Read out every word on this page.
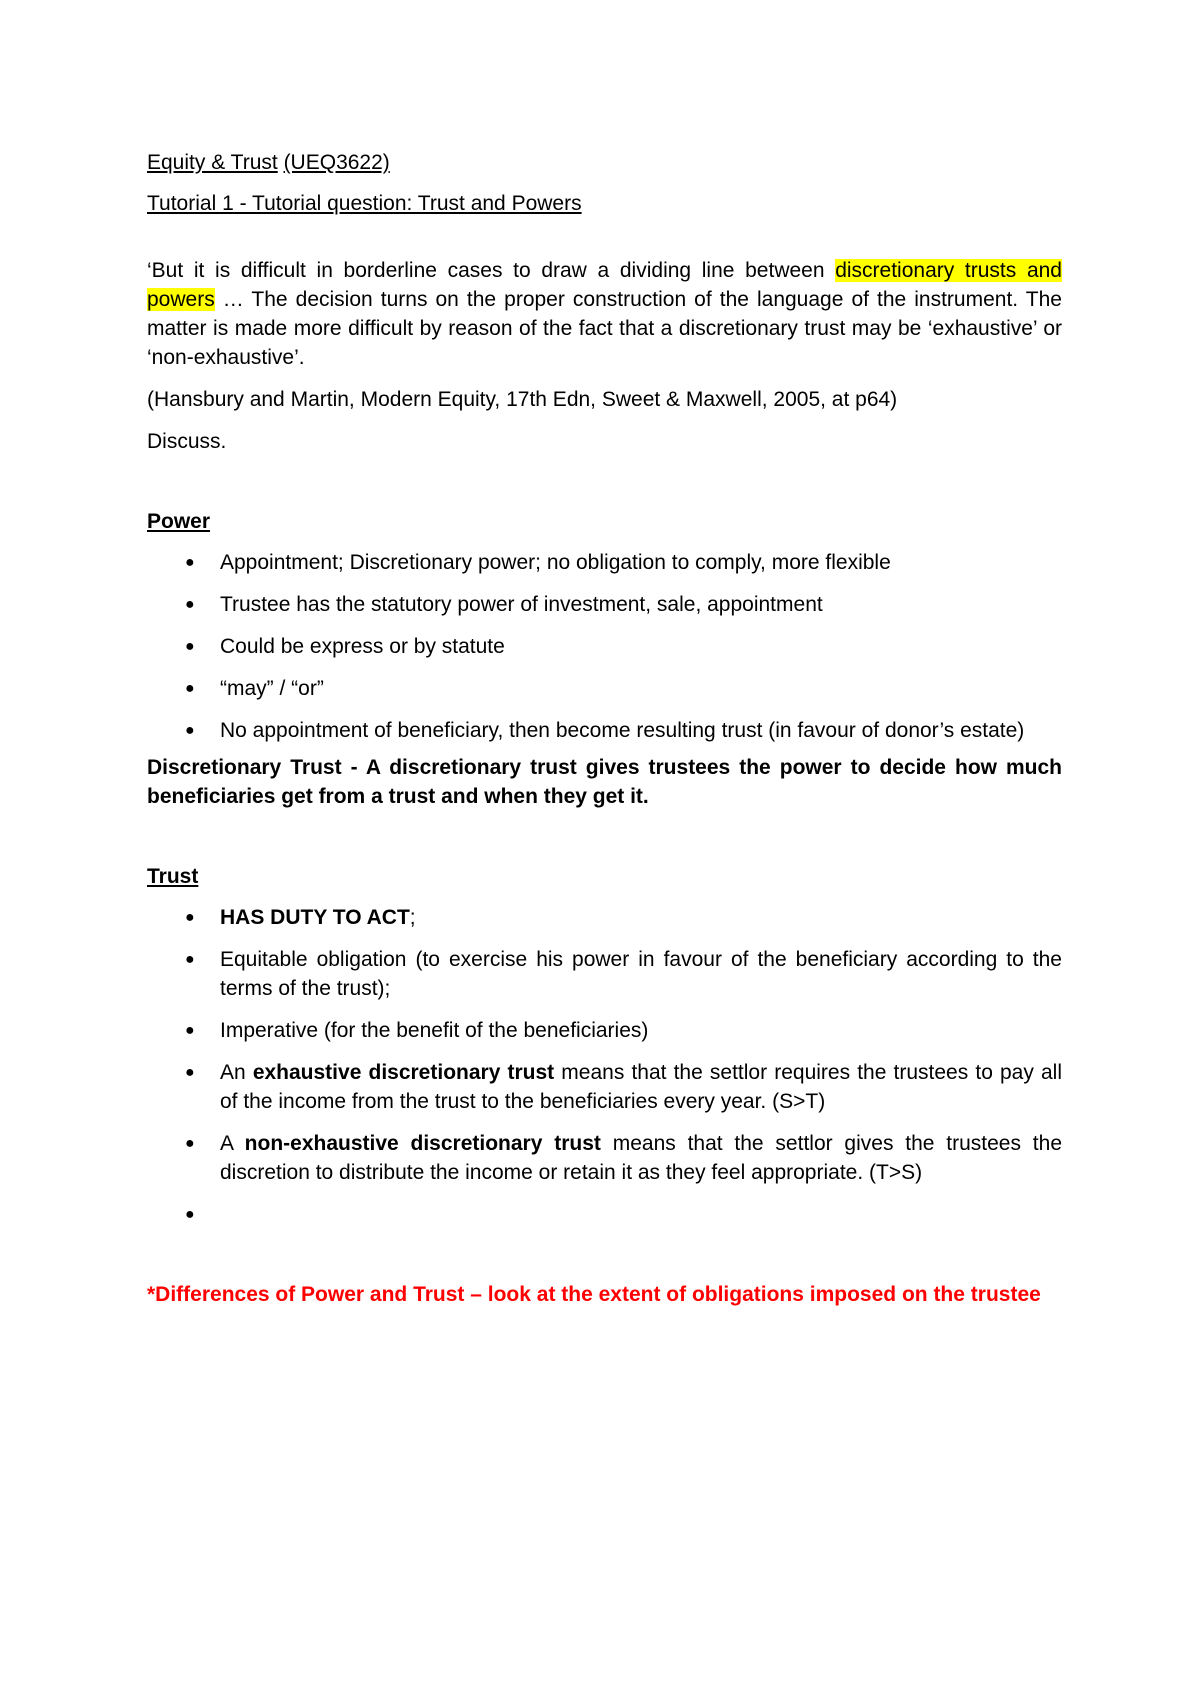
Equity & Trust (UEQ3622)

Tutorial 1 - Tutorial question: Trust and Powers

‘But it is difficult in borderline cases to draw a dividing line between discretionary trusts and powers … The decision turns on the proper construction of the language of the instrument. The matter is made more difficult by reason of the fact that a discretionary trust may be ‘exhaustive’ or ‘non-exhaustive’.

(Hansbury and Martin, Modern Equity, 17th Edn, Sweet & Maxwell, 2005, at p64)

Discuss.

Power

● Appointment; Discretionary power; no obligation to comply, more flexible
● Trustee has the statutory power of investment, sale, appointment
● Could be express or by statute
● “may” / “or”
● No appointment of beneficiary, then become resulting trust (in favour of donor’s estate)

Discretionary Trust - A discretionary trust gives trustees the power to decide how much beneficiaries get from a trust and when they get it.

Trust

● HAS DUTY TO ACT;
● Equitable obligation (to exercise his power in favour of the beneficiary according to the terms of the trust);
● Imperative (for the benefit of the beneficiaries)
● An exhaustive discretionary trust means that the settlor requires the trustees to pay all of the income from the trust to the beneficiaries every year. (S>T)
● A non-exhaustive discretionary trust means that the settlor gives the trustees the discretion to distribute the income or retain it as they feel appropriate. (T>S)
●

*Differences of Power and Trust – look at the extent of obligations imposed on the trustee
